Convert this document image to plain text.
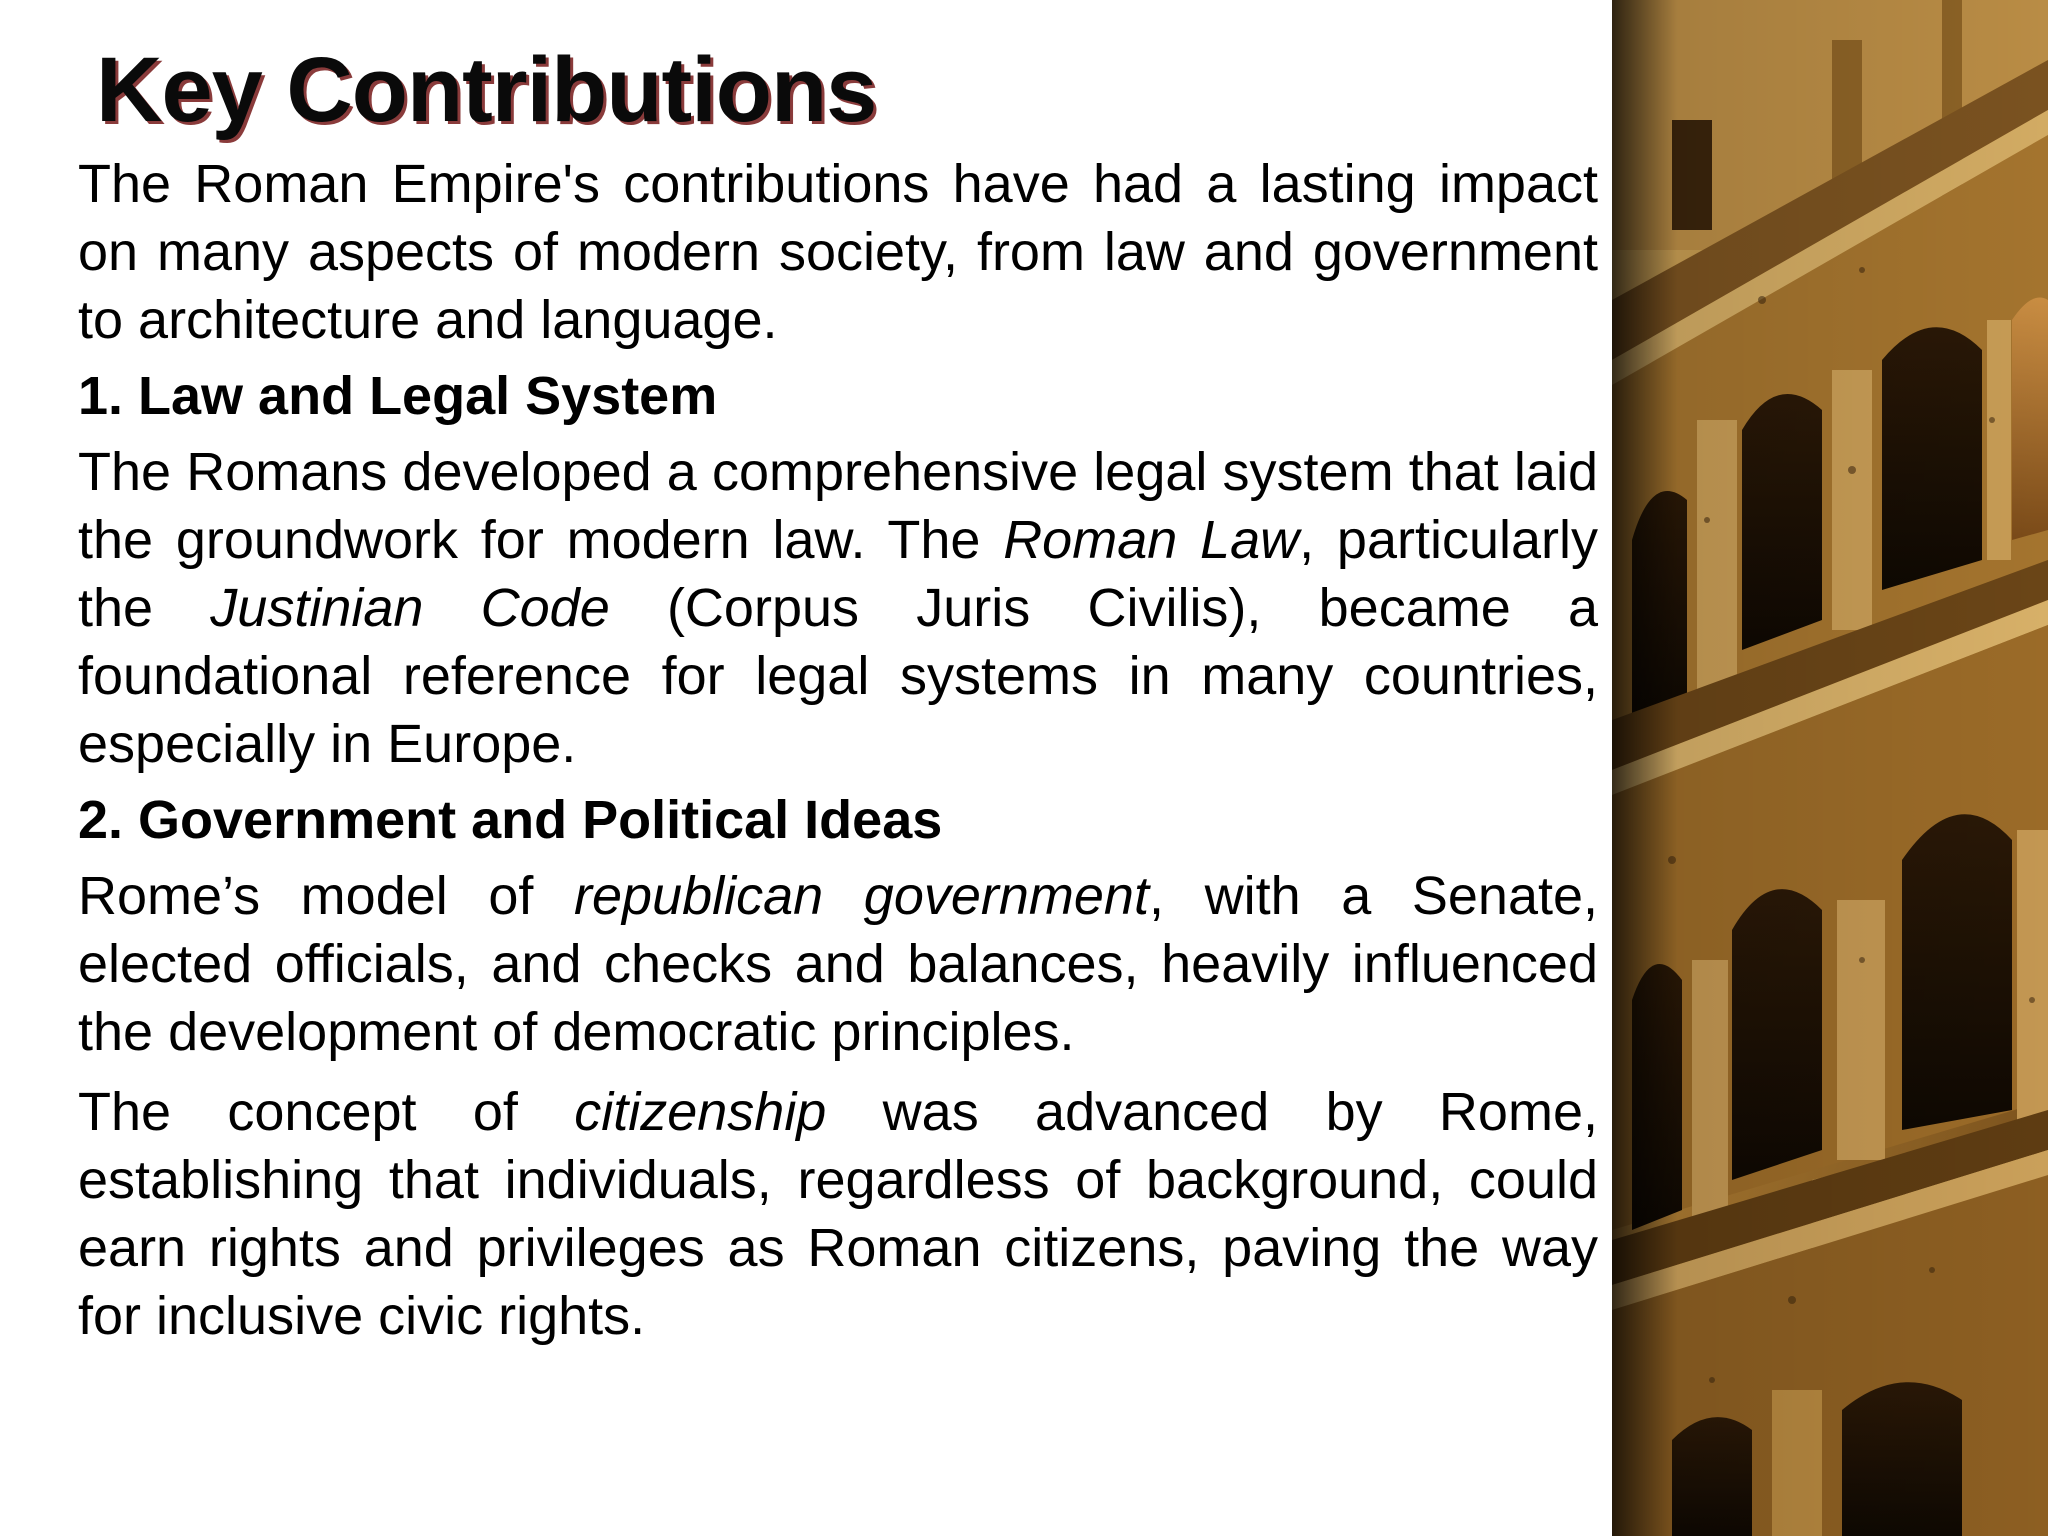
Key Contributions

The Roman Empire's contributions have had a lasting impact on many aspects of modern society, from law and government to architecture and language.

1. Law and Legal System

The Romans developed a comprehensive legal system that laid the groundwork for modern law. The Roman Law, particularly the Justinian Code (Corpus Juris Civilis), became a foundational reference for legal systems in many countries, especially in Europe.

2. Government and Political Ideas

Rome’s model of republican government, with a Senate, elected officials, and checks and balances, heavily influenced the development of democratic principles.

The concept of citizenship was advanced by Rome, establishing that individuals, regardless of background, could earn rights and privileges as Roman citizens, paving the way for inclusive civic rights.
